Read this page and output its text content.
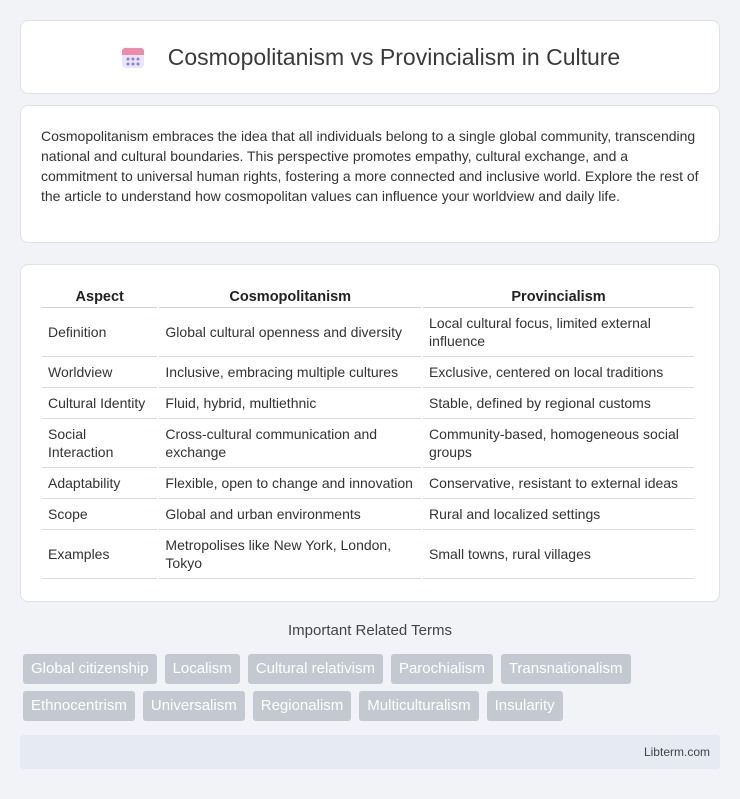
Cosmopolitanism vs Provincialism in Culture

Cosmopolitanism embraces the idea that all individuals belong to a single global community, transcending national and cultural boundaries. This perspective promotes empathy, cultural exchange, and a commitment to universal human rights, fostering a more connected and inclusive world. Explore the rest of the article to understand how cosmopolitan values can influence your worldview and daily life.

Aspect	Cosmopolitanism	Provincialism
Definition	Global cultural openness and diversity	Local cultural focus, limited external influence
Worldview	Inclusive, embracing multiple cultures	Exclusive, centered on local traditions
Cultural Identity	Fluid, hybrid, multiethnic	Stable, defined by regional customs
Social Interaction	Cross-cultural communication and exchange	Community-based, homogeneous social groups
Adaptability	Flexible, open to change and innovation	Conservative, resistant to external ideas
Scope	Global and urban environments	Rural and localized settings
Examples	Metropolises like New York, London, Tokyo	Small towns, rural villages
Important Related Terms
Global citizenship	Localism	Cultural relativism	Parochialism	Transnationalism
Ethnocentrism	Universalism	Regionalism	Multiculturalism	Insularity
Libterm.com
